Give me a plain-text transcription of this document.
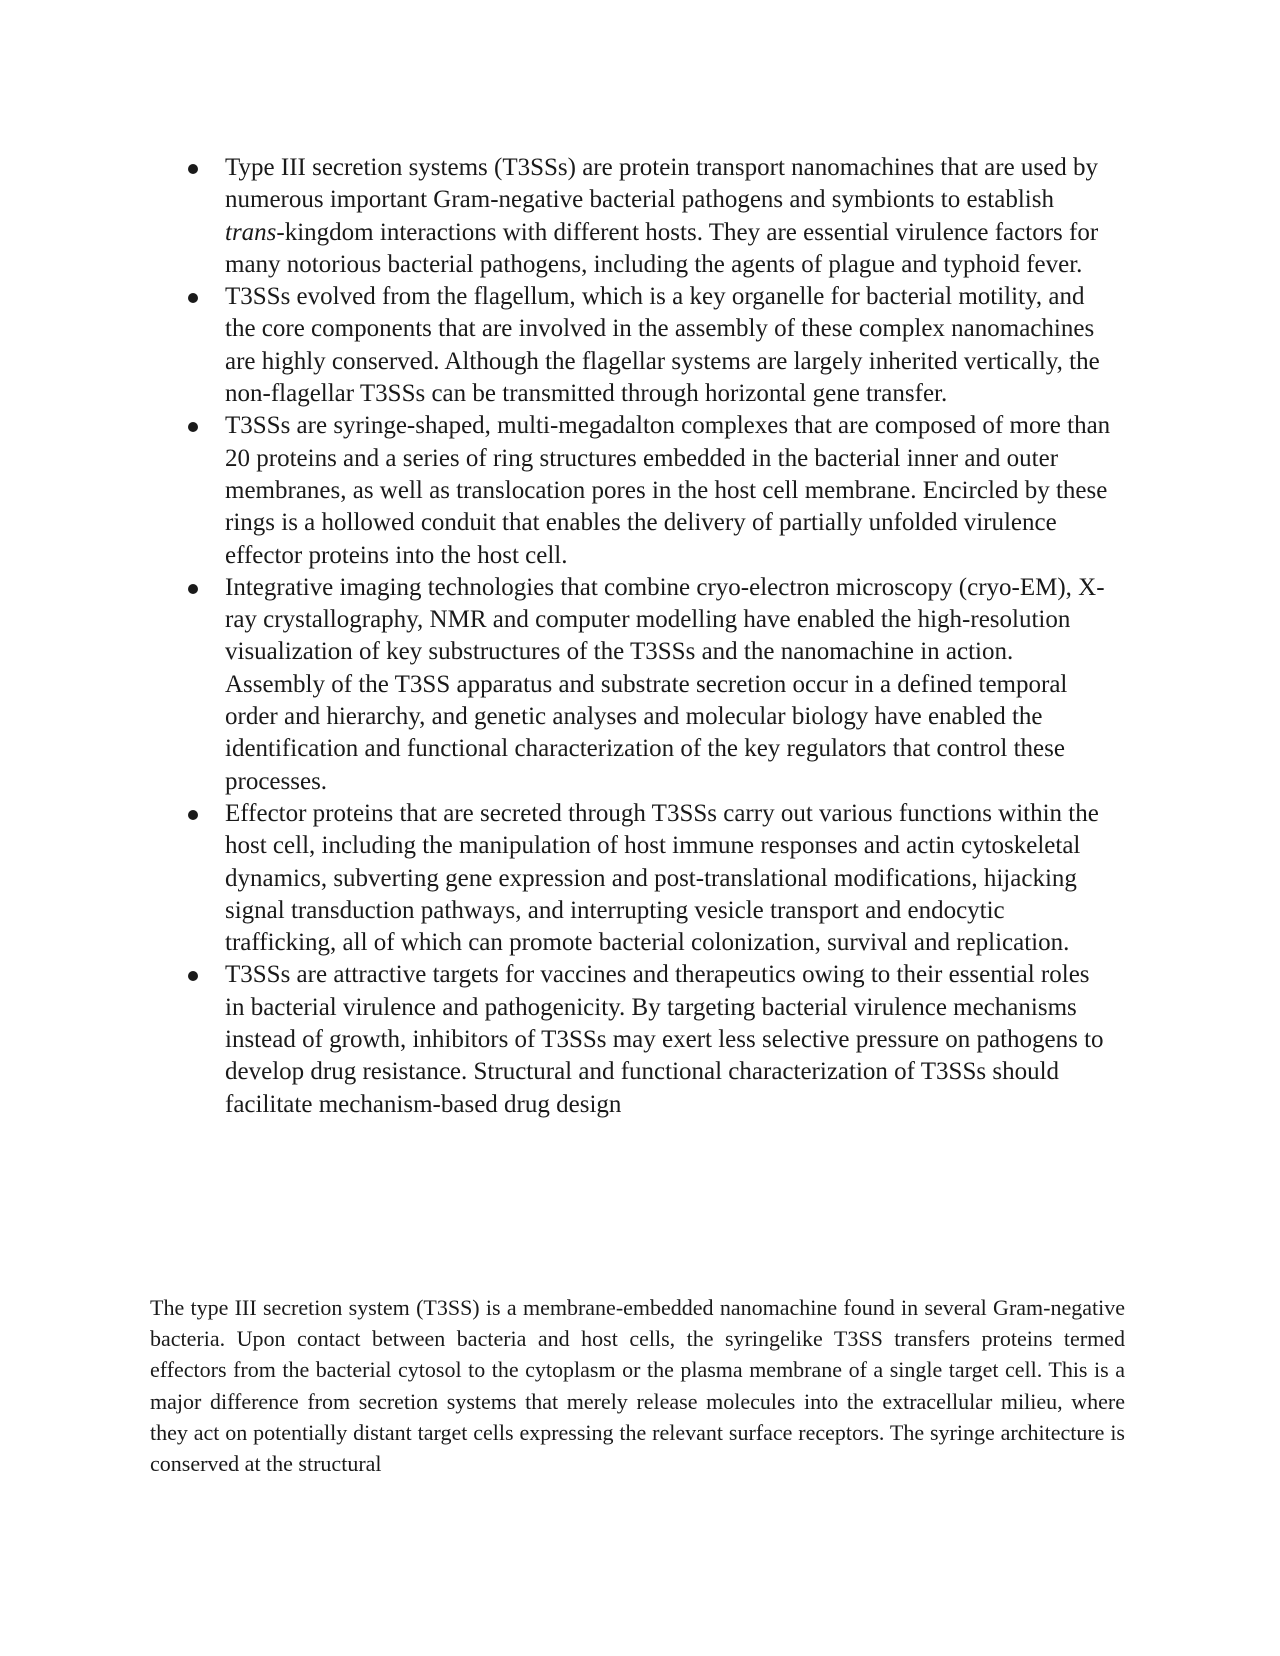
Type III secretion systems (T3SSs) are protein transport nanomachines that are used by numerous important Gram-negative bacterial pathogens and symbionts to establish trans-kingdom interactions with different hosts. They are essential virulence factors for many notorious bacterial pathogens, including the agents of plague and typhoid fever.
T3SSs evolved from the flagellum, which is a key organelle for bacterial motility, and the core components that are involved in the assembly of these complex nanomachines are highly conserved. Although the flagellar systems are largely inherited vertically, the non-flagellar T3SSs can be transmitted through horizontal gene transfer.
T3SSs are syringe-shaped, multi-megadalton complexes that are composed of more than 20 proteins and a series of ring structures embedded in the bacterial inner and outer membranes, as well as translocation pores in the host cell membrane. Encircled by these rings is a hollowed conduit that enables the delivery of partially unfolded virulence effector proteins into the host cell.
Integrative imaging technologies that combine cryo-electron microscopy (cryo-EM), X-ray crystallography, NMR and computer modelling have enabled the high-resolution visualization of key substructures of the T3SSs and the nanomachine in action. Assembly of the T3SS apparatus and substrate secretion occur in a defined temporal order and hierarchy, and genetic analyses and molecular biology have enabled the identification and functional characterization of the key regulators that control these processes.
Effector proteins that are secreted through T3SSs carry out various functions within the host cell, including the manipulation of host immune responses and actin cytoskeletal dynamics, subverting gene expression and post-translational modifications, hijacking signal transduction pathways, and interrupting vesicle transport and endocytic trafficking, all of which can promote bacterial colonization, survival and replication.
T3SSs are attractive targets for vaccines and therapeutics owing to their essential roles in bacterial virulence and pathogenicity. By targeting bacterial virulence mechanisms instead of growth, inhibitors of T3SSs may exert less selective pressure on pathogens to develop drug resistance. Structural and functional characterization of T3SSs should facilitate mechanism-based drug design

The type III secretion system (T3SS) is a membrane-embedded nanomachine found in several Gram-negative bacteria. Upon contact between bacteria and host cells, the syringelike T3SS transfers proteins termed effectors from the bacterial cytosol to the cytoplasm or the plasma membrane of a single target cell. This is a major difference from secretion systems that merely release molecules into the extracellular milieu, where they act on potentially distant target cells expressing the relevant surface receptors. The syringe architecture is conserved at the structural
